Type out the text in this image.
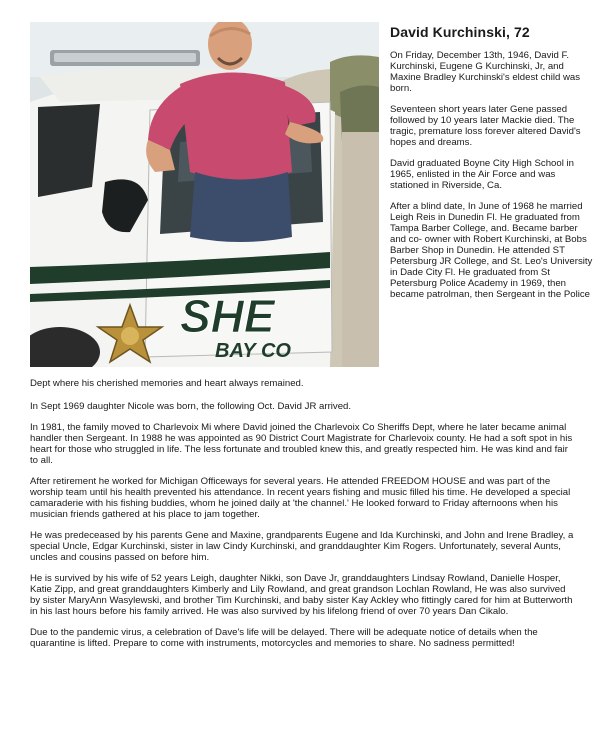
SHE
BAY CO
David Kurchinski, 72

On Friday, December 13th, 1946, David F. Kurchinski, Eugene G Kurchinski, Jr, and Maxine Bradley Kurchinski's eldest child was born.

Seventeen short years later Gene passed followed by 10 years later Mackie died. The tragic, premature loss forever altered David's hopes and dreams.

David graduated Boyne City High School in 1965, enlisted in the Air Force and was stationed in Riverside, Ca.

After a blind date, In June of 1968 he married Leigh Reis in Dunedin Fl. He graduated from Tampa Barber College, and. Became barber and co- owner with Robert Kurchinski, at Bobs Barber Shop in Dunedin. He attended ST Petersburg JR College, and St. Leo's University in Dade City Fl. He graduated from St Petersburg Police Academy in 1969, then became patrolman, then Sergeant in the Police

Dept where his cherished memories and heart always remained.

In Sept 1969 daughter Nicole was born, the following Oct. David JR arrived.

In 1981, the family moved to Charlevoix Mi where David joined the Charlevoix Co Sheriffs Dept, where he later became animal handler then Sergeant. In 1988 he was appointed as 90 District Court Magistrate for Charlevoix county. He had a soft spot in his heart for those who struggled in life. The less fortunate and troubled knew this, and greatly respected him. He was kind and fair to all.

After retirement he worked for Michigan Officeways for several years. He attended FREEDOM HOUSE and was part of the worship team until his health prevented his attendance. In recent years fishing and music filled his time. He developed a special camaraderie with his fishing buddies, whom he joined daily at 'the channel.' He looked forward to Friday afternoons when his musician friends gathered at his place to jam together.

He was predeceased by his parents Gene and Maxine, grandparents Eugene and Ida Kurchinski, and John and Irene Bradley, a special Uncle, Edgar Kurchinski, sister in law Cindy Kurchinski, and granddaughter Kim Rogers. Unfortunately, several Aunts, uncles and cousins passed on before him.

He is survived by his wife of 52 years Leigh, daughter Nikki, son Dave Jr, granddaughters Lindsay Rowland, Danielle Hosper, Katie Zipp, and great granddaughters Kimberly and Lily Rowland, and great grandson Lochlan Rowland, He was also survived by sister MaryAnn Wasylewski, and brother Tim Kurchinski, and baby sister Kay Ackley who fittingly cared for him at Butterworth in his last hours before his family arrived. He was also survived by his lifelong friend of over 70 years Dan Cikalo.

Due to the pandemic virus, a celebration of Dave's life will be delayed. There will be adequate notice of details when the quarantine is lifted. Prepare to come with instruments, motorcycles and memories to share. No sadness permitted!
